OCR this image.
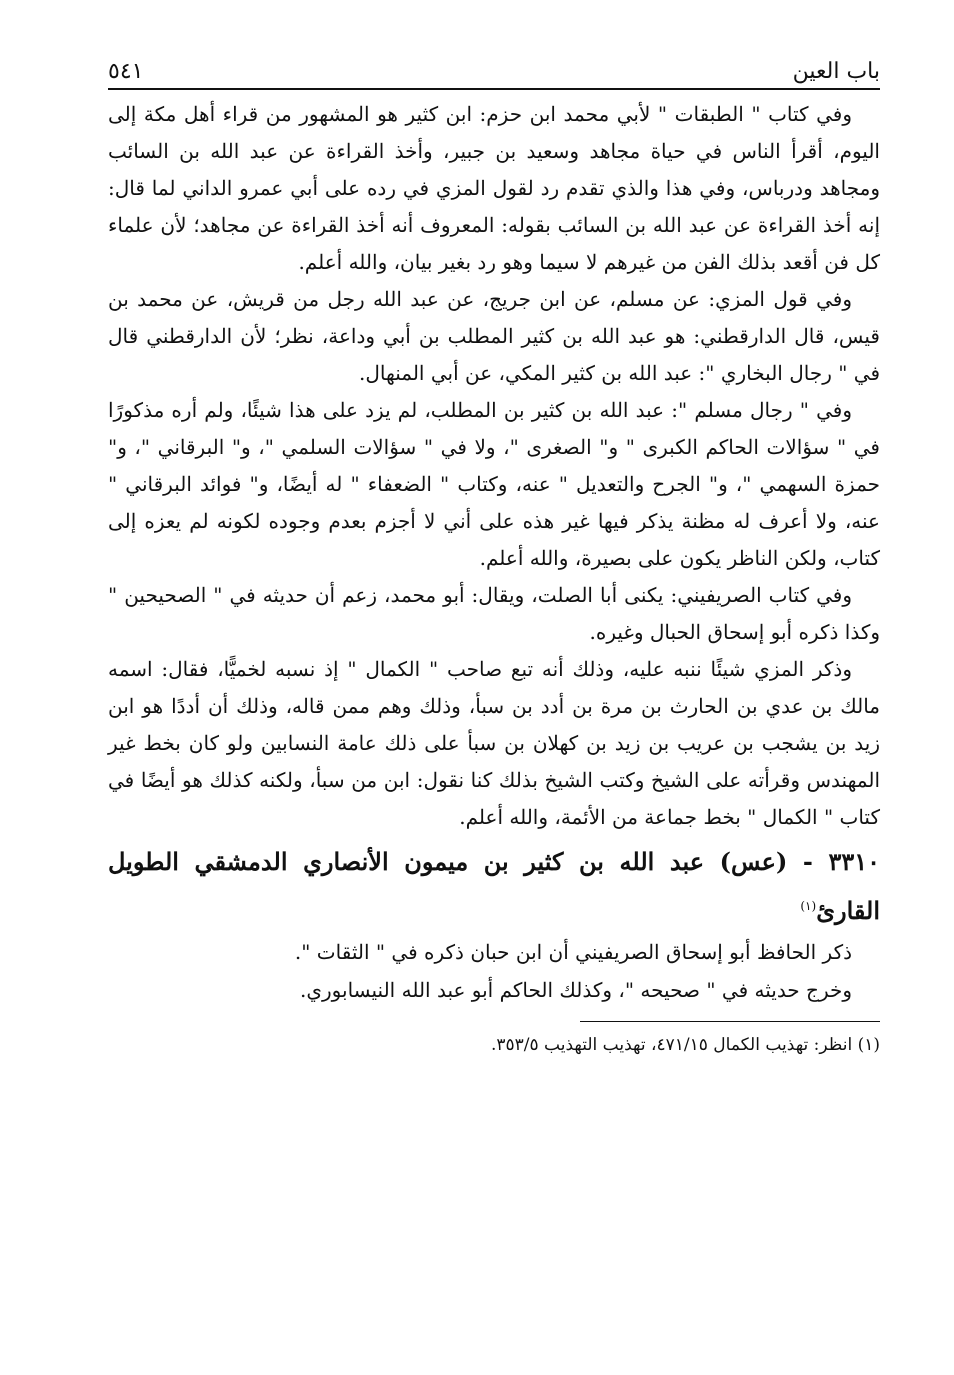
٥٤١	باب العين

وفي كتاب " الطبقات " لأبي محمد ابن حزم: ابن كثير هو المشهور من قراء أهل مكة إلى اليوم، أقرأ الناس في حياة مجاهد وسعيد بن جبير، وأخذ القراءة عن عبد الله بن السائب ومجاهد ودرباس، وفي هذا والذي تقدم رد لقول المزي في رده على أبي عمرو الداني لما قال: إنه أخذ القراءة عن عبد الله بن السائب بقوله: المعروف أنه أخذ القراءة عن مجاهد؛ لأن علماء كل فن أقعد بذلك الفن من غيرهم لا سيما وهو رد بغير بيان، والله أعلم.

وفي قول المزي: عن مسلم، عن ابن جريج، عن عبد الله رجل من قريش، عن محمد بن قيس، قال الدارقطني: هو عبد الله بن كثير المطلب بن أبي وداعة، نظر؛ لأن الدارقطني قال في " رجال البخاري ": عبد الله بن كثير المكي، عن أبي المنهال.

وفي " رجال مسلم ": عبد الله بن كثير بن المطلب، لم يزد على هذا شيئًا، ولم أره مذكورًا في " سؤالات الحاكم الكبرى " و" الصغرى "، ولا في " سؤالات السلمي "، و" البرقاني "، و" حمزة السهمي "، و" الجرح والتعديل " عنه، وكتاب " الضعفاء " له أيضًا، و" فوائد البرقاني " عنه، ولا أعرف له مظنة يذكر فيها غير هذه على أني لا أجزم بعدم وجوده لكونه لم يعزه إلى كتاب، ولكن الناظر يكون على بصيرة، والله أعلم.

وفي كتاب الصريفيني: يكنى أبا الصلت، ويقال: أبو محمد، زعم أن حديثه في " الصحيحين " وكذا ذكره أبو إسحاق الحبال وغيره.

وذكر المزي شيئًا ننبه عليه، وذلك أنه تبع صاحب " الكمال " إذ نسبه لخميًّا، فقال: اسمه مالك بن عدي بن الحارث بن مرة بن أدد بن سبأ، وذلك وهم ممن قاله، وذلك أن أددًا هو ابن زيد بن يشجب بن عريب بن زيد بن كهلان بن سبأ على ذلك عامة النسابين ولو كان بخط غير المهندس وقرأته على الشيخ وكتب الشيخ بذلك كنا نقول: ابن من سبأ، ولكنه كذلك هو أيضًا في كتاب " الكمال " بخط جماعة من الأئمة، والله أعلم.

٣٣١٠ - (عس) عبد الله بن كثير بن ميمون الأنصاري الدمشقي الطويل القارئ$^{(١)}$

ذكر الحافظ أبو إسحاق الصريفيني أن ابن حبان ذكره في " الثقات ".

وخرج حديثه في " صحيحه "، وكذلك الحاكم أبو عبد الله النيسابوري.

(١) انظر: تهذيب الكمال ٤٧١/١٥، تهذيب التهذيب ٣٥٣/٥.
